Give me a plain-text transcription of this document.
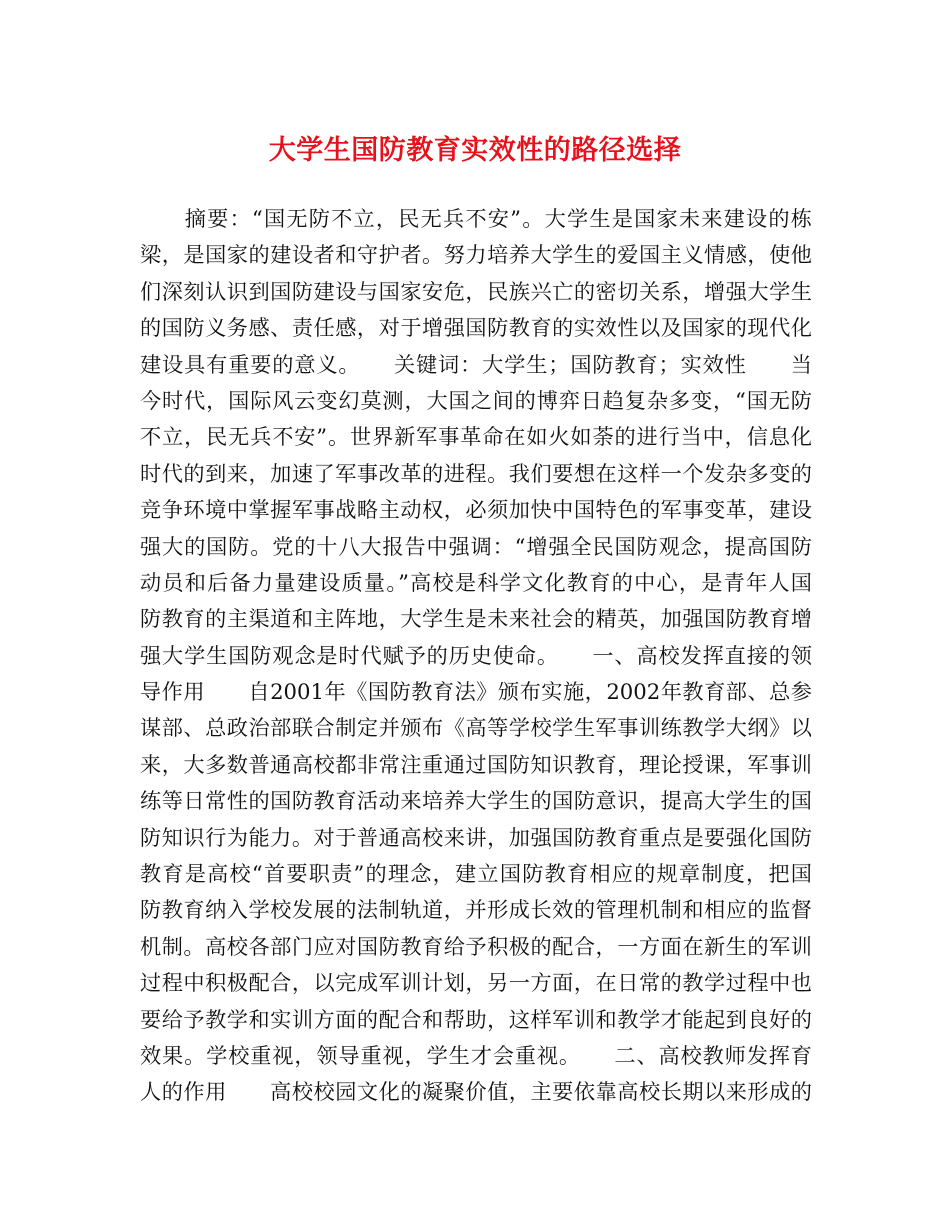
大学生国防教育实效性的路径选择
　　摘要：“国无防不立，民无兵不安”。大学生是国家未来建设的栋
梁，是国家的建设者和守护者。努力培养大学生的爱国主义情感，使他
们深刻认识到国防建设与国家安危，民族兴亡的密切关系，增强大学生
的国防义务感、责任感，对于增强国防教育的实效性以及国家的现代化
建设具有重要的意义。　　关键词：大学生；国防教育；实效性　　当
今时代，国际风云变幻莫测，大国之间的博弈日趋复杂多变，“国无防
不立，民无兵不安”。世界新军事革命在如火如荼的进行当中，信息化
时代的到来，加速了军事改革的进程。我们要想在这样一个发杂多变的
竞争环境中掌握军事战略主动权，必须加快中国特色的军事变革，建设
强大的国防。党的十八大报告中强调：“增强全民国防观念，提高国防
动员和后备力量建设质量。”高校是科学文化教育的中心，是青年人国
防教育的主渠道和主阵地，大学生是未来社会的精英，加强国防教育增
强大学生国防观念是时代赋予的历史使命。　　一、高校发挥直接的领
导作用　　自2001年《国防教育法》颁布实施，2002年教育部、总参
谋部、总政治部联合制定并颁布《高等学校学生军事训练教学大纲》以
来，大多数普通高校都非常注重通过国防知识教育，理论授课，军事训
练等日常性的国防教育活动来培养大学生的国防意识，提高大学生的国
防知识行为能力。对于普通高校来讲，加强国防教育重点是要强化国防
教育是高校“首要职责”的理念，建立国防教育相应的规章制度，把国
防教育纳入学校发展的法制轨道，并形成长效的管理机制和相应的监督
机制。高校各部门应对国防教育给予积极的配合，一方面在新生的军训
过程中积极配合，以完成军训计划，另一方面，在日常的教学过程中也
要给予教学和实训方面的配合和帮助，这样军训和教学才能起到良好的
效果。学校重视，领导重视，学生才会重视。　　二、高校教师发挥育
人的作用　　高校校园文化的凝聚价值，主要依靠高校长期以来形成的
